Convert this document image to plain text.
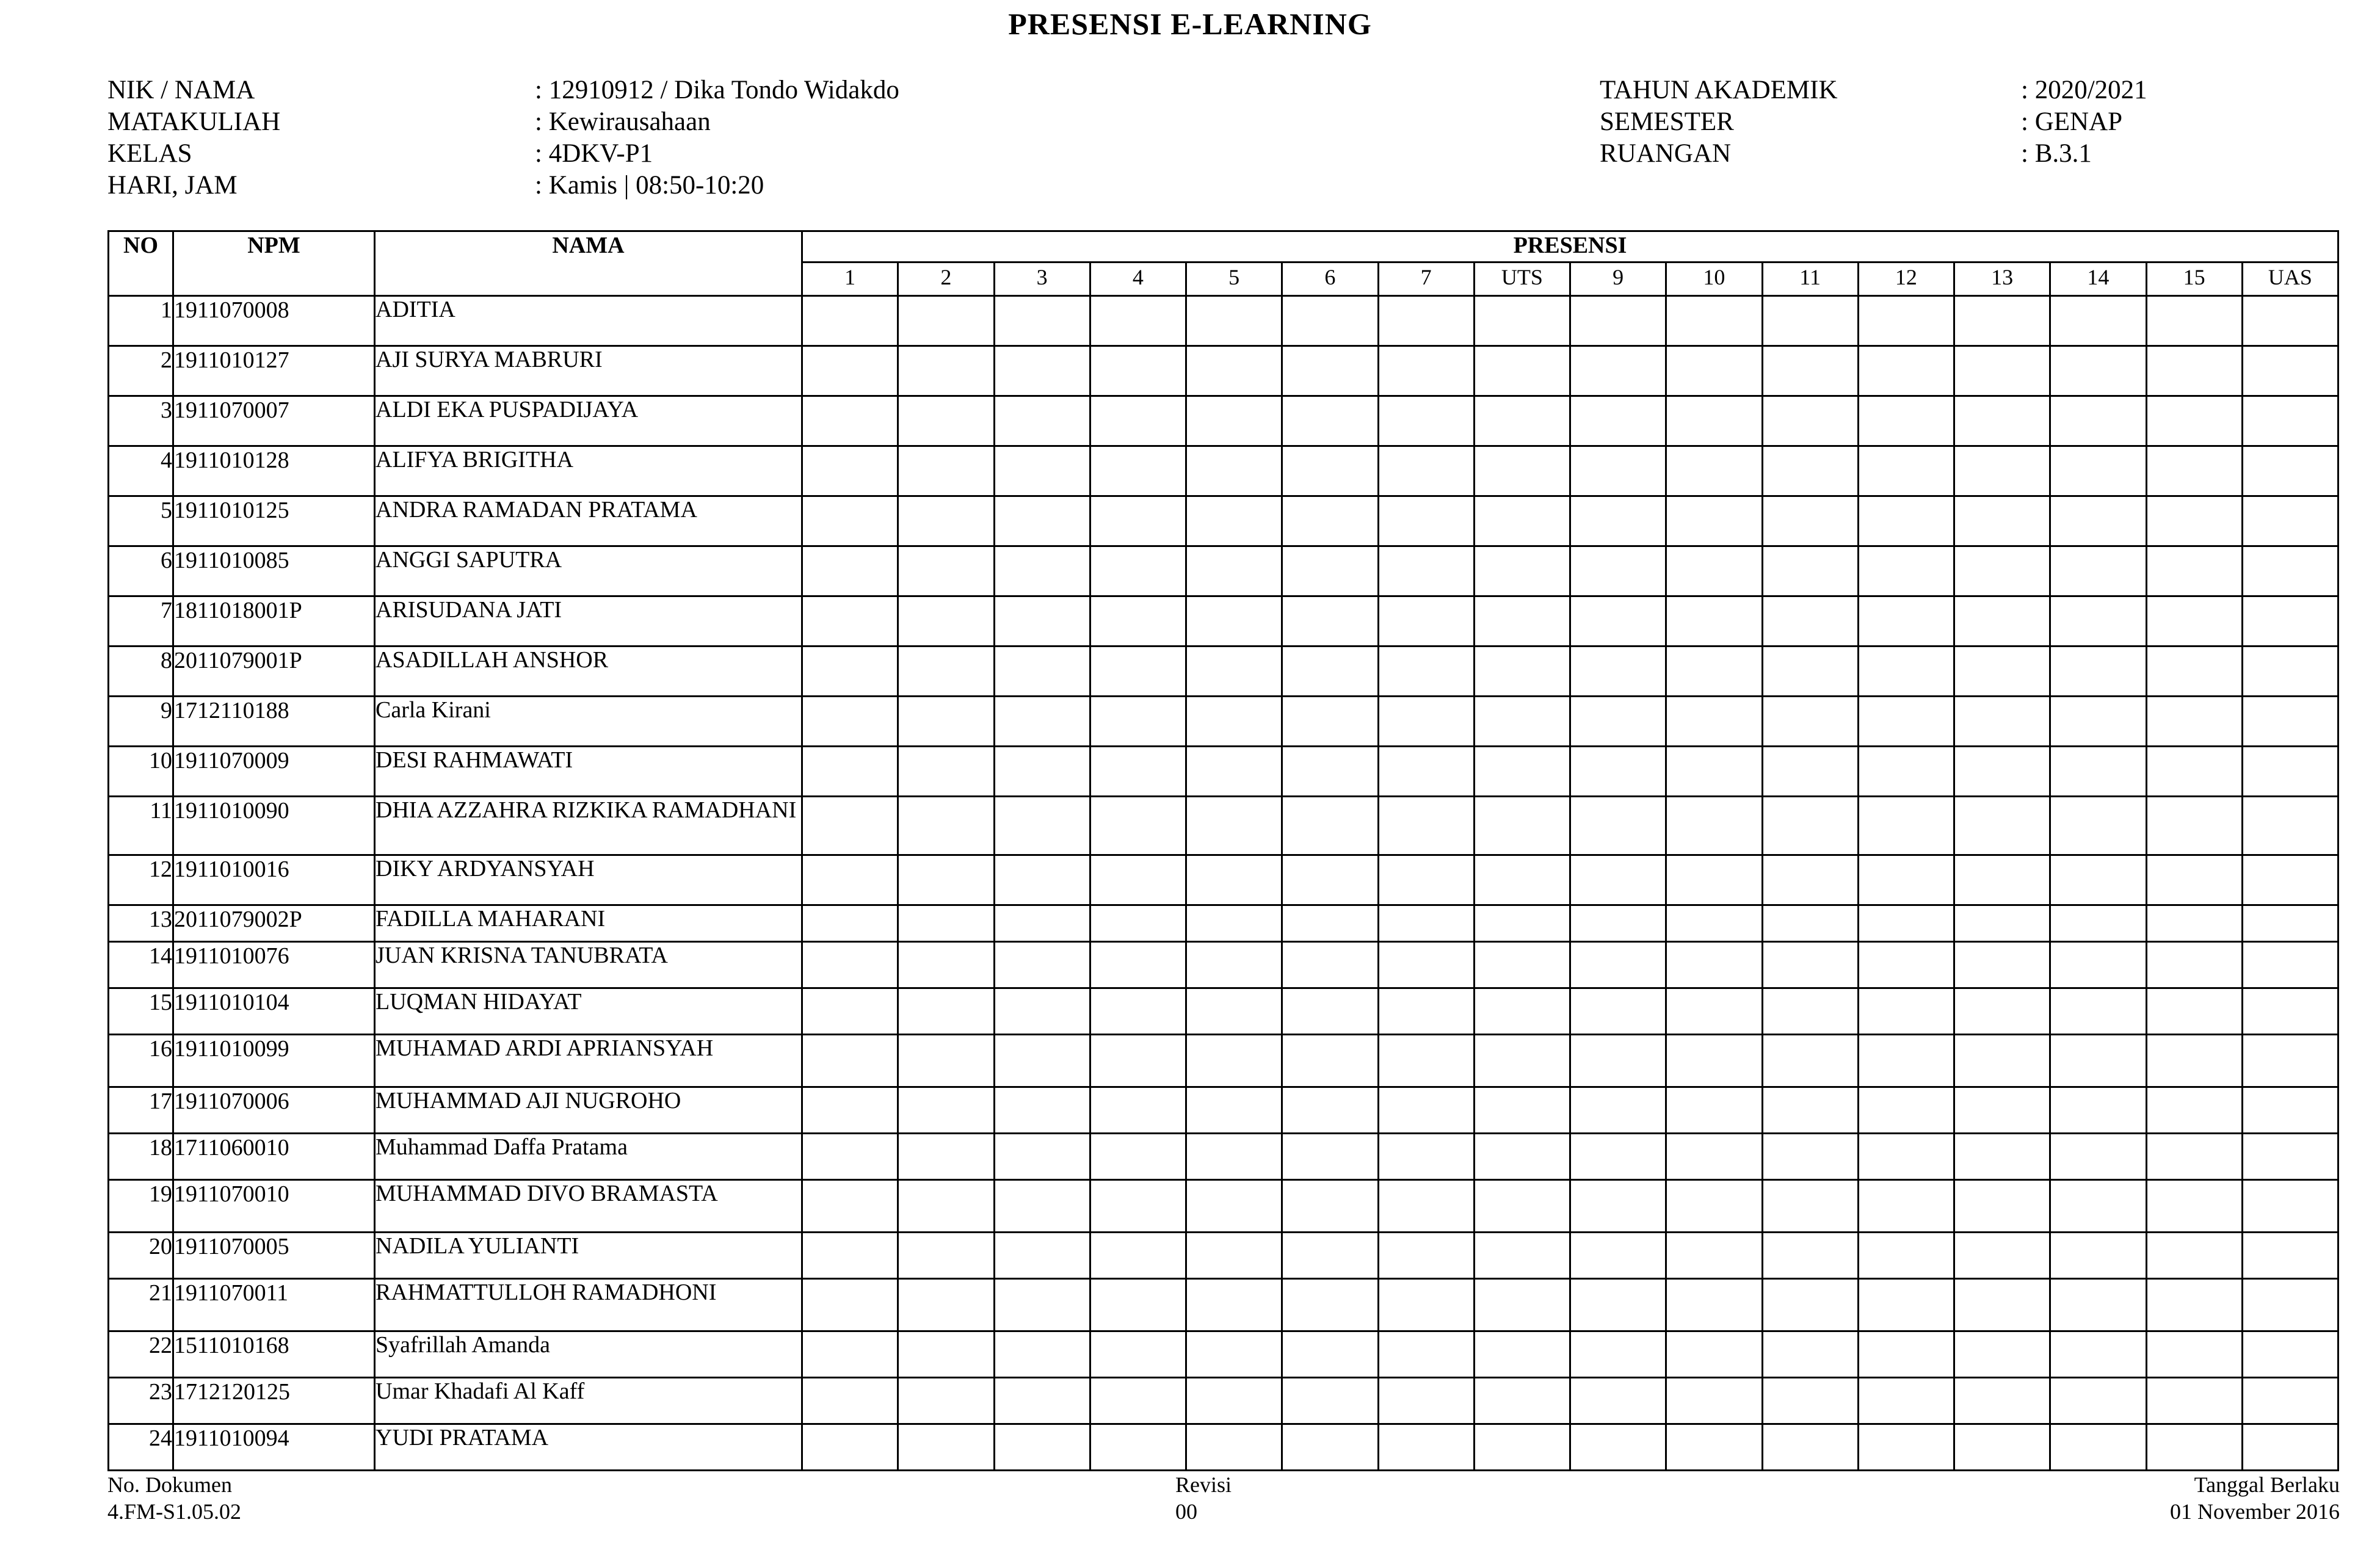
PRESENSI E-LEARNING
NIK / NAMA	: 12910912 / Dika Tondo Widakdo
MATAKULIAH	: Kewirausahaan
KELAS	: 4DKV-P1
HARI, JAM	: Kamis | 08:50-10:20
TAHUN AKADEMIK	: 2020/2021
SEMESTER	: GENAP
RUANGAN	: B.3.1
NO	NPM	NAMA	PRESENSI															
			1	2	3	4	5	6	7	UTS	9	10	11	12	13	14	15	UAS
1	1911070008	ADITIA																
2	1911010127	AJI SURYA MABRURI																
3	1911070007	ALDI EKA PUSPADIJAYA																
4	1911010128	ALIFYA BRIGITHA																
5	1911010125	ANDRA RAMADAN PRATAMA																
6	1911010085	ANGGI SAPUTRA																
7	1811018001P	ARISUDANA JATI																
8	2011079001P	ASADILLAH ANSHOR																
9	1712110188	Carla Kirani																
10	1911070009	DESI RAHMAWATI																
11	1911010090	DHIA AZZAHRA RIZKIKA RAMADHANI																
12	1911010016	DIKY ARDYANSYAH																
13	2011079002P	FADILLA MAHARANI																
14	1911010076	JUAN KRISNA TANUBRATA																
15	1911010104	LUQMAN HIDAYAT																
16	1911010099	MUHAMAD ARDI APRIANSYAH																
17	1911070006	MUHAMMAD AJI NUGROHO																
18	1711060010	Muhammad Daffa Pratama																
19	1911070010	MUHAMMAD DIVO BRAMASTA																
20	1911070005	NADILA YULIANTI																
21	1911070011	RAHMATTULLOH RAMADHONI																
22	1511010168	Syafrillah Amanda																
23	1712120125	Umar Khadafi Al Kaff																
24	1911010094	YUDI PRATAMA																
No. Dokumen
4.FM-S1.05.02
Revisi
00
Tanggal Berlaku
01 November 2016
